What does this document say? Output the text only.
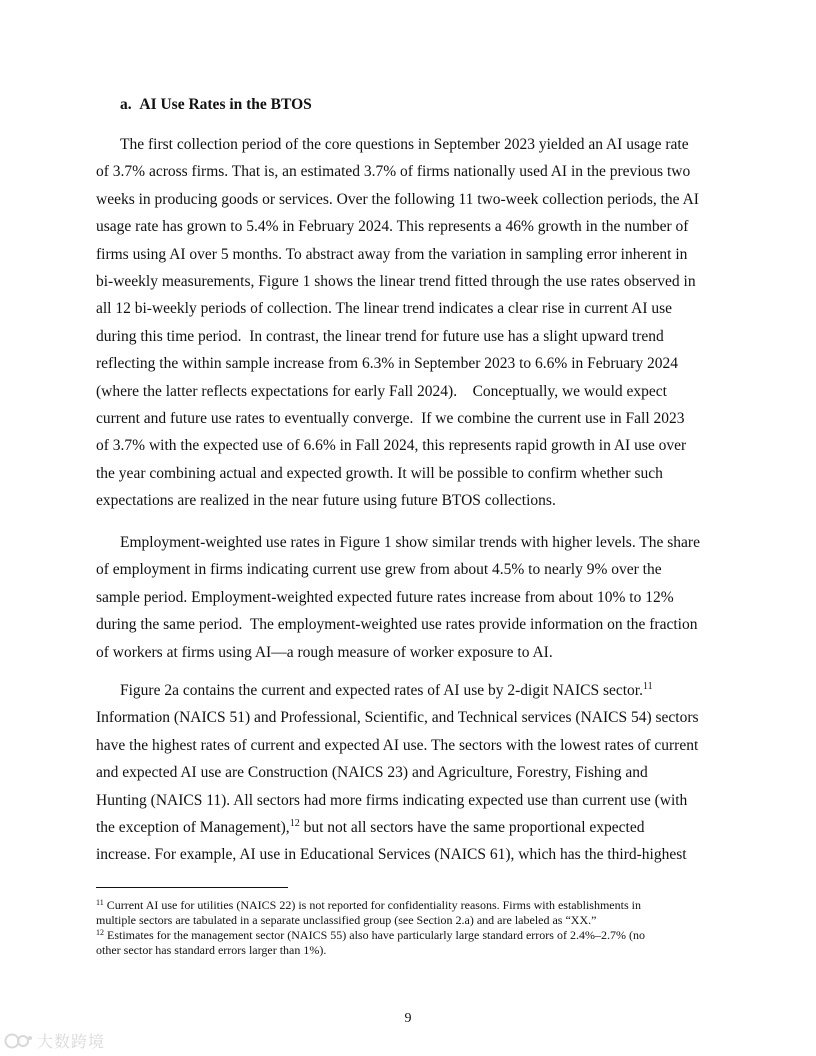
a.  AI Use Rates in the BTOS
The first collection period of the core questions in September 2023 yielded an AI usage rate
of 3.7% across firms. That is, an estimated 3.7% of firms nationally used AI in the previous two
weeks in producing goods or services. Over the following 11 two-week collection periods, the AI
usage rate has grown to 5.4% in February 2024. This represents a 46% growth in the number of
firms using AI over 5 months. To abstract away from the variation in sampling error inherent in
bi-weekly measurements, Figure 1 shows the linear trend fitted through the use rates observed in
all 12 bi-weekly periods of collection. The linear trend indicates a clear rise in current AI use
during this time period.  In contrast, the linear trend for future use has a slight upward trend
reflecting the within sample increase from 6.3% in September 2023 to 6.6% in February 2024
(where the latter reflects expectations for early Fall 2024).    Conceptually, we would expect
current and future use rates to eventually converge.  If we combine the current use in Fall 2023
of 3.7% with the expected use of 6.6% in Fall 2024, this represents rapid growth in AI use over
the year combining actual and expected growth. It will be possible to confirm whether such
expectations are realized in the near future using future BTOS collections.
Employment-weighted use rates in Figure 1 show similar trends with higher levels. The share
of employment in firms indicating current use grew from about 4.5% to nearly 9% over the
sample period. Employment-weighted expected future rates increase from about 10% to 12%
during the same period.  The employment-weighted use rates provide information on the fraction
of workers at firms using AI—a rough measure of worker exposure to AI.
Figure 2a contains the current and expected rates of AI use by 2-digit NAICS sector.$^{11}$
Information (NAICS 51) and Professional, Scientific, and Technical services (NAICS 54) sectors
have the highest rates of current and expected AI use. The sectors with the lowest rates of current
and expected AI use are Construction (NAICS 23) and Agriculture, Forestry, Fishing and
Hunting (NAICS 11). All sectors had more firms indicating expected use than current use (with
the exception of Management),$^{12}$ but not all sectors have the same proportional expected
increase. For example, AI use in Educational Services (NAICS 61), which has the third-highest
$^{11}$ Current AI use for utilities (NAICS 22) is not reported for confidentiality reasons. Firms with establishments in
multiple sectors are tabulated in a separate unclassified group (see Section 2.a) and are labeled as “XX.”
$^{12}$ Estimates for the management sector (NAICS 55) also have particularly large standard errors of 2.4%–2.7% (no
other sector has standard errors larger than 1%).
9
大数跨境
